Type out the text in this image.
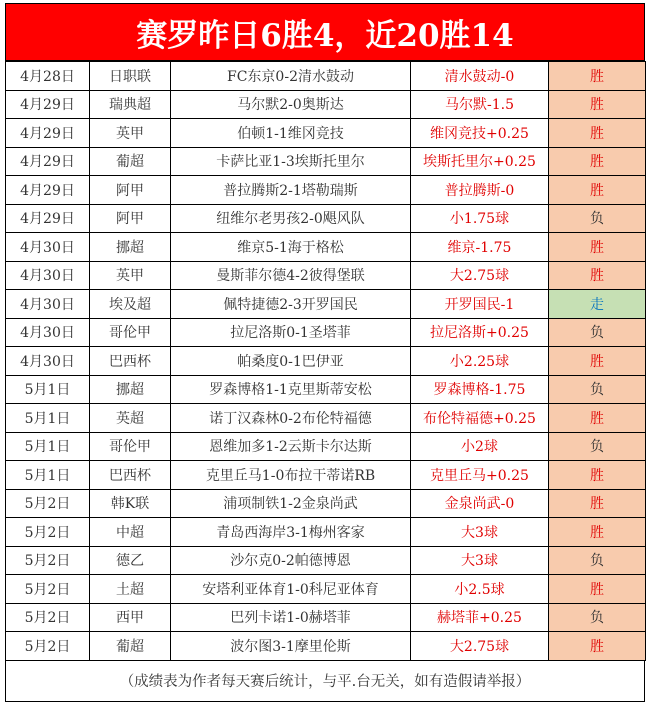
赛罗昨日6胜4，近20胜14
4月28日	日职联	FC东京0-2清水鼓动	清水鼓动-0	胜
4月29日	瑞典超	马尔默2-0奥斯达	马尔默-1.5	胜
4月29日	英甲	伯顿1-1维冈竞技	维冈竞技+0.25	胜
4月29日	葡超	卡萨比亚1-3埃斯托里尔	埃斯托里尔+0.25	胜
4月29日	阿甲	普拉腾斯2-1塔勒瑞斯	普拉腾斯-0	胜
4月29日	阿甲	纽维尔老男孩2-0飓风队	小1.75球	负
4月30日	挪超	维京5-1海于格松	维京-1.75	胜
4月30日	英甲	曼斯菲尔德4-2彼得堡联	大2.75球	胜
4月30日	埃及超	佩特捷德2-3开罗国民	开罗国民-1	走
4月30日	哥伦甲	拉尼洛斯0-1圣塔菲	拉尼洛斯+0.25	负
4月30日	巴西杯	帕桑度0-1巴伊亚	小2.25球	胜
5月1日	挪超	罗森博格1-1克里斯蒂安松	罗森博格-1.75	负
5月1日	英超	诺丁汉森林0-2布伦特福德	布伦特福德+0.25	胜
5月1日	哥伦甲	恩维加多1-2云斯卡尔达斯	小2球	负
5月1日	巴西杯	克里丘马1-0布拉干蒂诺RB	克里丘马+0.25	胜
5月2日	韩K联	浦项制铁1-2金泉尚武	金泉尚武-0	胜
5月2日	中超	青岛西海岸3-1梅州客家	大3球	胜
5月2日	德乙	沙尔克0-2帕德博恩	大3球	负
5月2日	土超	安塔利亚体育1-0科尼亚体育	小2.5球	胜
5月2日	西甲	巴列卡诺1-0赫塔菲	赫塔菲+0.25	负
5月2日	葡超	波尔图3-1摩里伦斯	大2.75球	胜
（成绩表为作者每天赛后统计，与平.台无关，如有造假请举报）
